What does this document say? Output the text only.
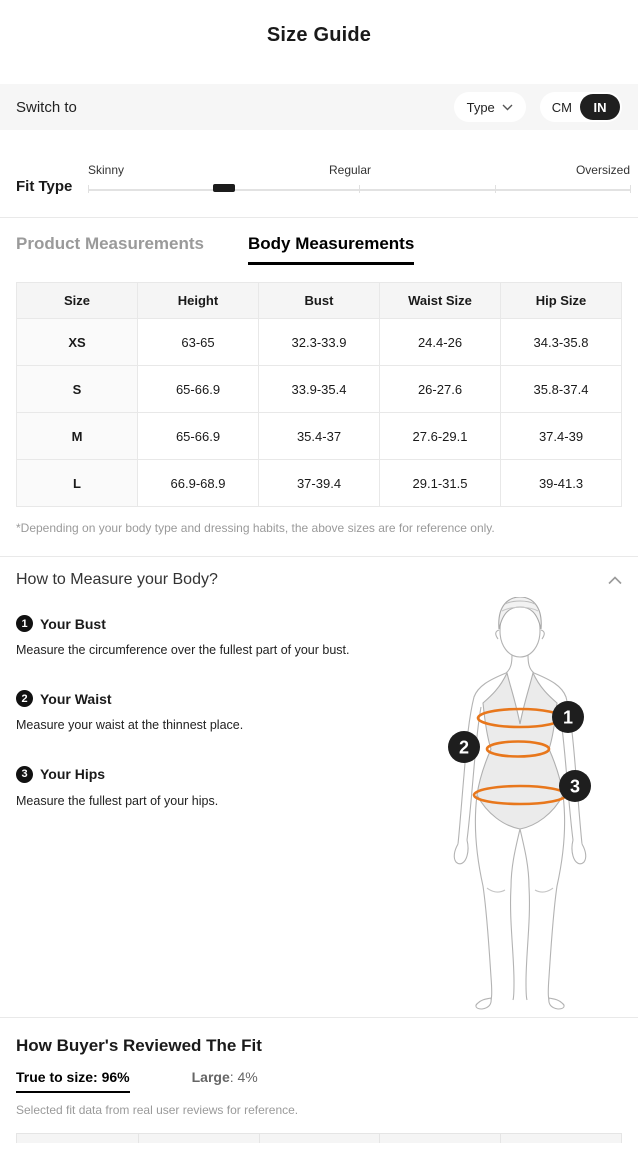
Size Guide
Switch to	Type	CM	IN
Fit Type
Skinny	Regular	Oversized
Product Measurements	Body Measurements
Size	Height	Bust	Waist Size	Hip Size
XS	63-65	32.3-33.9	24.4-26	34.3-35.8
S	65-66.9	33.9-35.4	26-27.6	35.8-37.4
M	65-66.9	35.4-37	27.6-29.1	37.4-39
L	66.9-68.9	37-39.4	29.1-31.5	39-41.3

*Depending on your body type and dressing habits, the above sizes are for reference only.

How to Measure your Body?
1 Your Bust

Measure the circumference over the fullest part of your bust.

2 Your Waist

Measure your waist at the thinnest place.

3 Your Hips

Measure the fullest part of your hips.

1
2
3
How Buyer's Reviewed The Fit
True to size: 96%	Large: 4%

Selected fit data from real user reviews for reference.
